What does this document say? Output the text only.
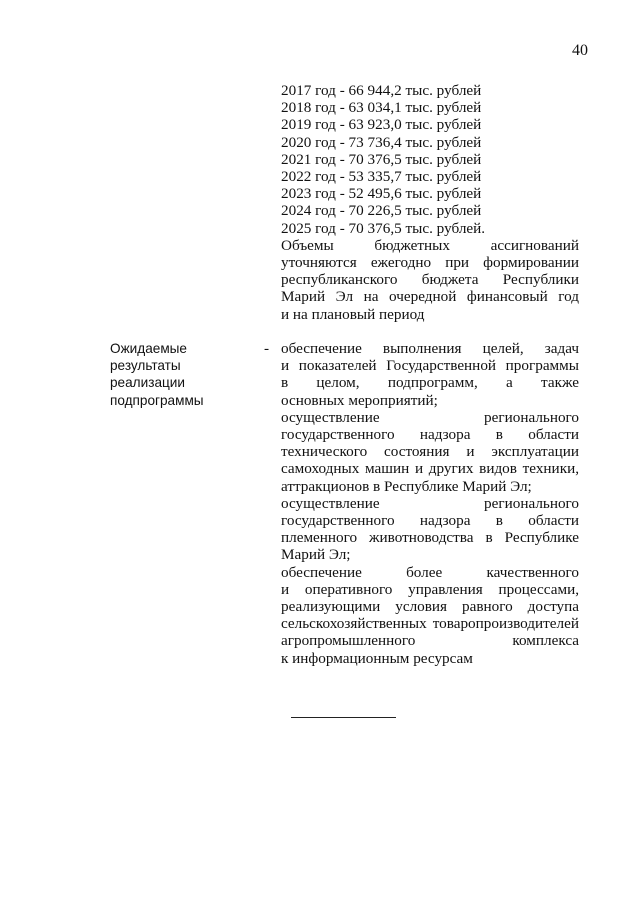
40
2017 год - 66 944,2 тыс. рублей
2018 год - 63 034,1 тыс. рублей
2019 год - 63 923,0 тыс. рублей
2020 год - 73 736,4 тыс. рублей
2021 год - 70 376,5 тыс. рублей
2022 год - 53 335,7 тыс. рублей
2023 год - 52 495,6 тыс. рублей
2024 год - 70 226,5 тыс. рублей
2025 год - 70 376,5 тыс. рублей.
Объемы бюджетных ассигнований
уточняются ежегодно при формировании
республиканского бюджета Республики
Марий Эл на очередной финансовый год
и на плановый период
Ожидаемые
результаты
реализации
подпрограммы
- обеспечение выполнения целей, задач
и показателей Государственной программы
в целом, подпрограмм, а также
основных мероприятий;
осуществление регионального
государственного надзора в области
технического состояния и эксплуатации
самоходных машин и других видов техники,
аттракционов в Республике Марий Эл;
осуществление регионального
государственного надзора в области
племенного животноводства в Республике
Марий Эл;
обеспечение более качественного
и оперативного управления процессами,
реализующими условия равного доступа
сельскохозяйственных товаропроизводителей
агропромышленного комплекса
к информационным ресурсам
